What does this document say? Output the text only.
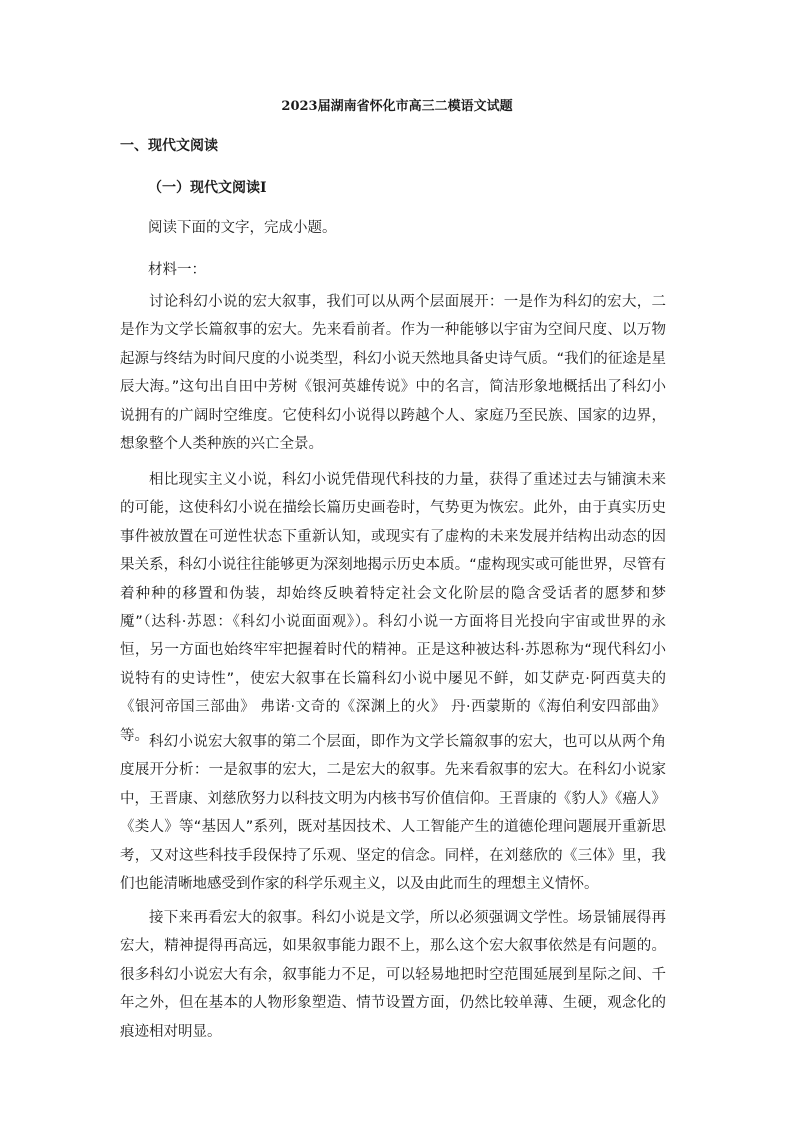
2023届湖南省怀化市高三二模语文试题
一、现代文阅读
（一）现代文阅读Ⅰ
阅读下面的文字，完成小题。
材料一：

讨论科幻小说的宏大叙事，我们可以从两个层面展开：一是作为科幻的宏大，二是作为文学长篇叙事的宏大。先来看前者。作为一种能够以宇宙为空间尺度、以万物起源与终结为时间尺度的小说类型，科幻小说天然地具备史诗气质。“我们的征途是星辰大海。”这句出自田中芳树《银河英雄传说》中的名言，简洁形象地概括出了科幻小说拥有的广阔时空维度。它使科幻小说得以跨越个人、家庭乃至民族、国家的边界，想象整个人类种族的兴亡全景。

相比现实主义小说，科幻小说凭借现代科技的力量，获得了重述过去与铺演未来的可能，这使科幻小说在描绘长篇历史画卷时，气势更为恢宏。此外，由于真实历史事件被放置在可逆性状态下重新认知，或现实有了虚构的未来发展并结构出动态的因果关系，科幻小说往往能够更为深刻地揭示历史本质。“虚构现实或可能世界，尽管有着种种的移置和伪装，却始终反映着特定社会文化阶层的隐含受话者的愿梦和梦魇”（达科·苏恩：《科幻小说面面观》）。科幻小说一方面将目光投向宇宙或世界的永恒，另一方面也始终牢牢把握着时代的精神。正是这种被达科·苏恩称为“现代科幻小说特有的史诗性”，使宏大叙事在长篇科幻小说中屡见不鲜，如艾萨克·阿西莫夫的《银河帝国三部曲》 弗诺·文奇的《深渊上的火》 丹·西蒙斯的《海伯利安四部曲》等。 科幻小说宏大叙事的第二个层面，即作为文学长篇叙事的宏大，也可以从两个角度展开分析：一是叙事的宏大，二是宏大的叙事。先来看叙事的宏大。在科幻小说家中，王晋康、刘慈欣努力以科技文明为内核书写价值信仰。王晋康的《豹人》《癌人》《类人》等“基因人”系列，既对基因技术、人工智能产生的道德伦理问题展开重新思考，又对这些科技手段保持了乐观、坚定的信念。同样，在刘慈欣的《三体》里，我们也能清晰地感受到作家的科学乐观主义，以及由此而生的理想主义情怀。

接下来再看宏大的叙事。科幻小说是文学，所以必须强调文学性。场景铺展得再宏大，精神提得再高远，如果叙事能力跟不上，那么这个宏大叙事依然是有问题的。很多科幻小说宏大有余，叙事能力不足，可以轻易地把时空范围延展到星际之间、千年之外，但在基本的人物形象塑造、情节设置方面，仍然比较单薄、生硬，观念化的痕迹相对明显。
